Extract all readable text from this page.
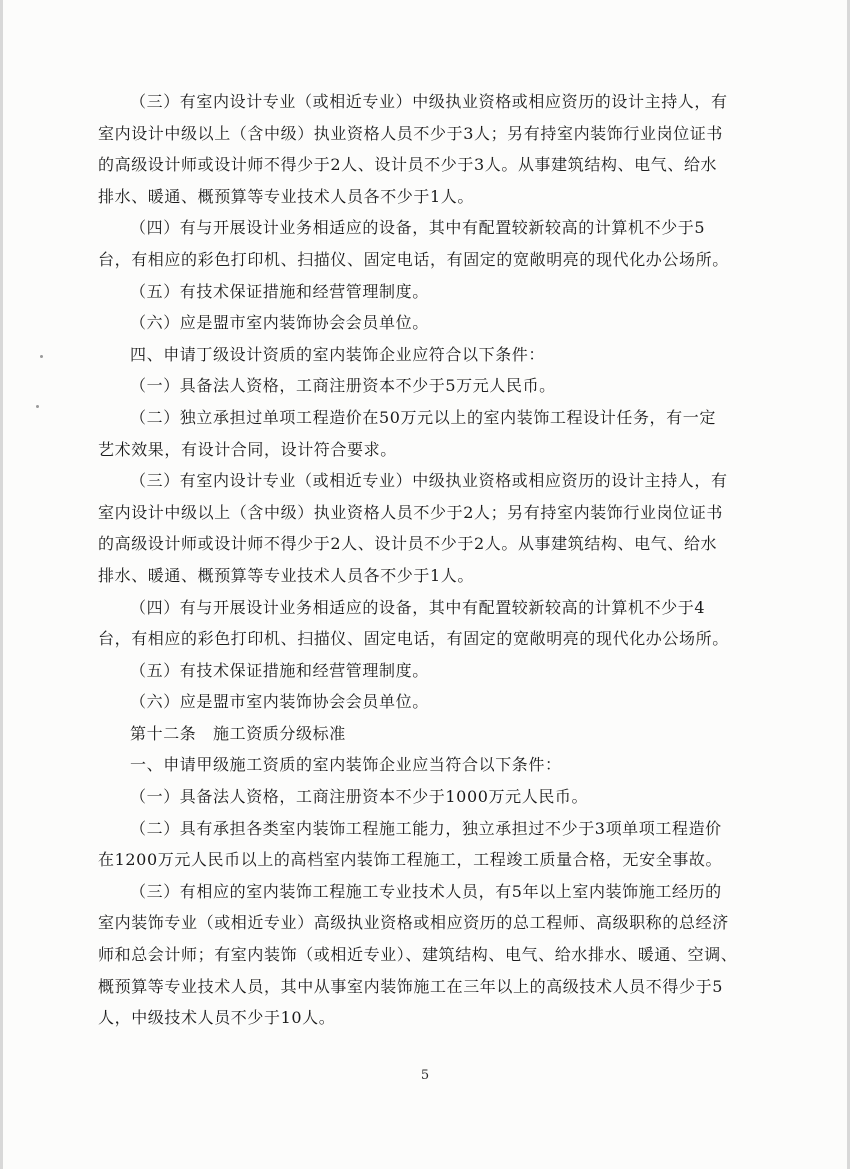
（三）有室内设计专业（或相近专业）中级执业资格或相应资历的设计主持人，有
室内设计中级以上（含中级）执业资格人员不少于3人；另有持室内装饰行业岗位证书
的高级设计师或设计师不得少于2人、设计员不少于3人。从事建筑结构、电气、给水
排水、暖通、概预算等专业技术人员各不少于1人。

（四）有与开展设计业务相适应的设备，其中有配置较新较高的计算机不少于5
台，有相应的彩色打印机、扫描仪、固定电话，有固定的宽敞明亮的现代化办公场所。

（五）有技术保证措施和经营管理制度。

（六）应是盟市室内装饰协会会员单位。

四、申请丁级设计资质的室内装饰企业应符合以下条件：

（一）具备法人资格，工商注册资本不少于5万元人民币。

（二）独立承担过单项工程造价在50万元以上的室内装饰工程设计任务，有一定
艺术效果，有设计合同，设计符合要求。

（三）有室内设计专业（或相近专业）中级执业资格或相应资历的设计主持人，有
室内设计中级以上（含中级）执业资格人员不少于2人；另有持室内装饰行业岗位证书
的高级设计师或设计师不得少于2人、设计员不少于2人。从事建筑结构、电气、给水
排水、暖通、概预算等专业技术人员各不少于1人。

（四）有与开展设计业务相适应的设备，其中有配置较新较高的计算机不少于4
台，有相应的彩色打印机、扫描仪、固定电话，有固定的宽敞明亮的现代化办公场所。

（五）有技术保证措施和经营管理制度。

（六）应是盟市室内装饰协会会员单位。

第十二条　施工资质分级标准

一、申请甲级施工资质的室内装饰企业应当符合以下条件：

（一）具备法人资格，工商注册资本不少于1000万元人民币。

（二）具有承担各类室内装饰工程施工能力，独立承担过不少于3项单项工程造价
在1200万元人民币以上的高档室内装饰工程施工，工程竣工质量合格，无安全事故。

（三）有相应的室内装饰工程施工专业技术人员，有5年以上室内装饰施工经历的
室内装饰专业（或相近专业）高级执业资格或相应资历的总工程师、高级职称的总经济
师和总会计师；有室内装饰（或相近专业）、建筑结构、电气、给水排水、暖通、空调、
概预算等专业技术人员，其中从事室内装饰施工在三年以上的高级技术人员不得少于5
人，中级技术人员不少于10人。

5
